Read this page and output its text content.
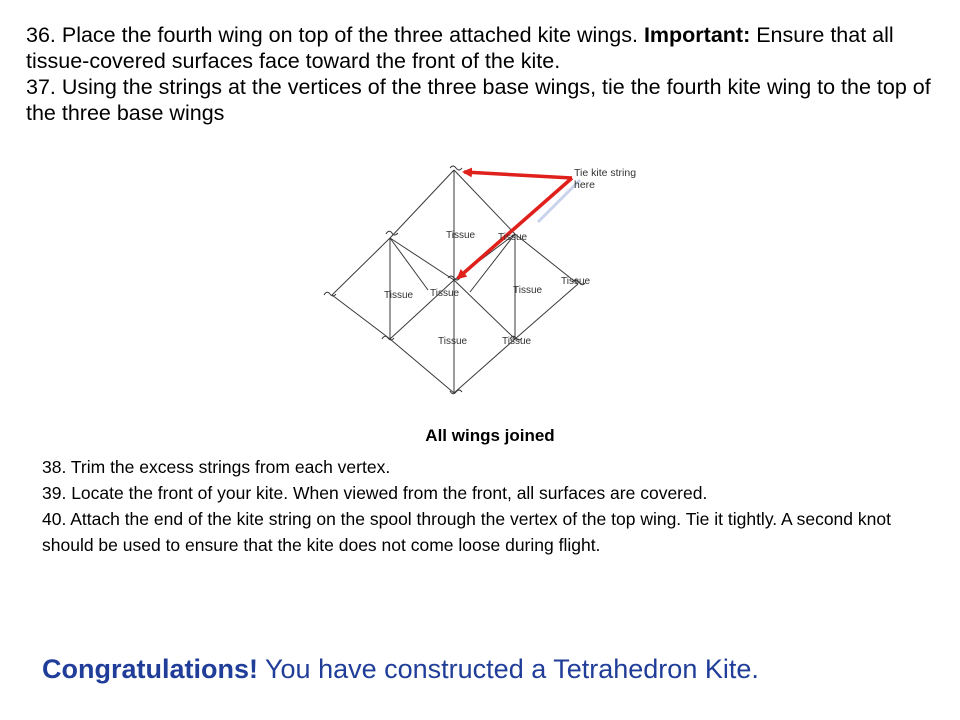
36. Place the fourth wing on top of the three attached kite wings. Important: Ensure that all tissue-covered surfaces face toward the front of the kite.

37. Using the strings at the vertices of the three base wings, tie the fourth kite wing to the top of the three base wings

Tie kite string
here
Tissue Tissue
Tissue Tissue	Tissue
Tissue
Tissue	Tissue
All wings joined

38. Trim the excess strings from each vertex.

39. Locate the front of your kite. When viewed from the front, all surfaces are covered.

40. Attach the end of the kite string on the spool through the vertex of the top wing. Tie it tightly. A second knot should be used to ensure that the kite does not come loose during flight.

Congratulations! You have constructed a Tetrahedron Kite.
